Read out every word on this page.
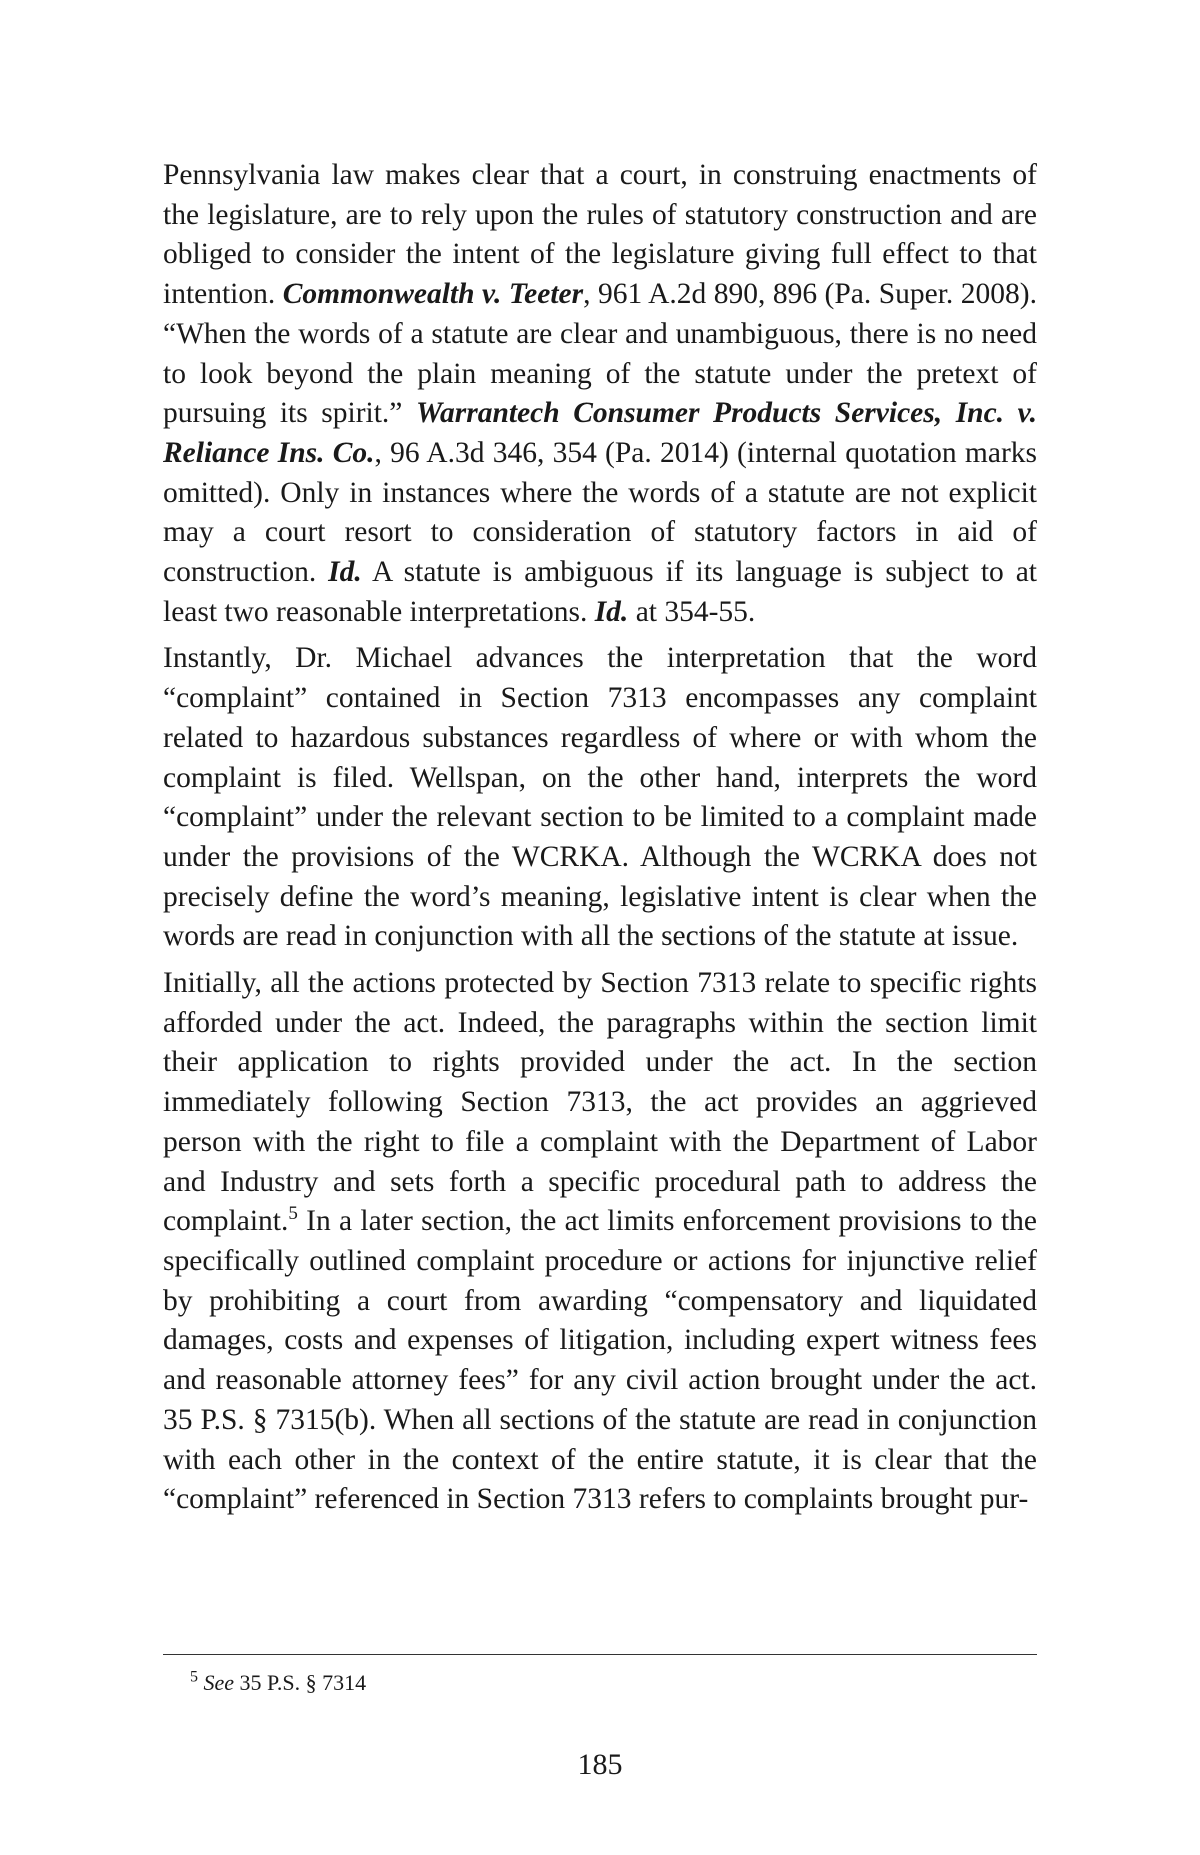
Pennsylvania law makes clear that a court, in construing enactments of the legislature, are to rely upon the rules of statutory construction and are obliged to consider the intent of the legislature giving full effect to that intention. Commonwealth v. Teeter, 961 A.2d 890, 896 (Pa. Super. 2008). “When the words of a statute are clear and unambiguous, there is no need to look beyond the plain meaning of the statute under the pretext of pursuing its spirit.” Warrantech Consumer Products Services, Inc. v. Reliance Ins. Co., 96 A.3d 346, 354 (Pa. 2014) (internal quotation marks omitted). Only in instances where the words of a statute are not explicit may a court resort to consideration of statutory factors in aid of construction. Id. A statute is ambiguous if its language is subject to at least two reasonable interpretations. Id. at 354-55.

Instantly, Dr. Michael advances the interpretation that the word “complaint” contained in Section 7313 encompasses any complaint related to hazardous substances regardless of where or with whom the complaint is filed. Wellspan, on the other hand, interprets the word “complaint” under the relevant section to be limited to a complaint made under the provisions of the WCRKA. Although the WCRKA does not precisely define the word’s meaning, legislative intent is clear when the words are read in conjunction with all the sections of the statute at issue.

Initially, all the actions protected by Section 7313 relate to specific rights afforded under the act. Indeed, the paragraphs within the section limit their application to rights provided under the act. In the section immediately following Section 7313, the act provides an aggrieved person with the right to file a complaint with the Department of Labor and Industry and sets forth a specific procedural path to address the complaint.$^5$ In a later section, the act limits enforcement provisions to the specifically outlined complaint procedure or actions for injunctive relief by prohibiting a court from awarding “compensatory and liquidated damages, costs and expenses of litigation, including expert witness fees and reasonable attorney fees” for any civil action brought under the act. 35 P.S. § 7315(b). When all sections of the statute are read in conjunction with each other in the context of the entire statute, it is clear that the “complaint” referenced in Section 7313 refers to complaints brought pur-

$^5$ See 35 P.S. § 7314
185
